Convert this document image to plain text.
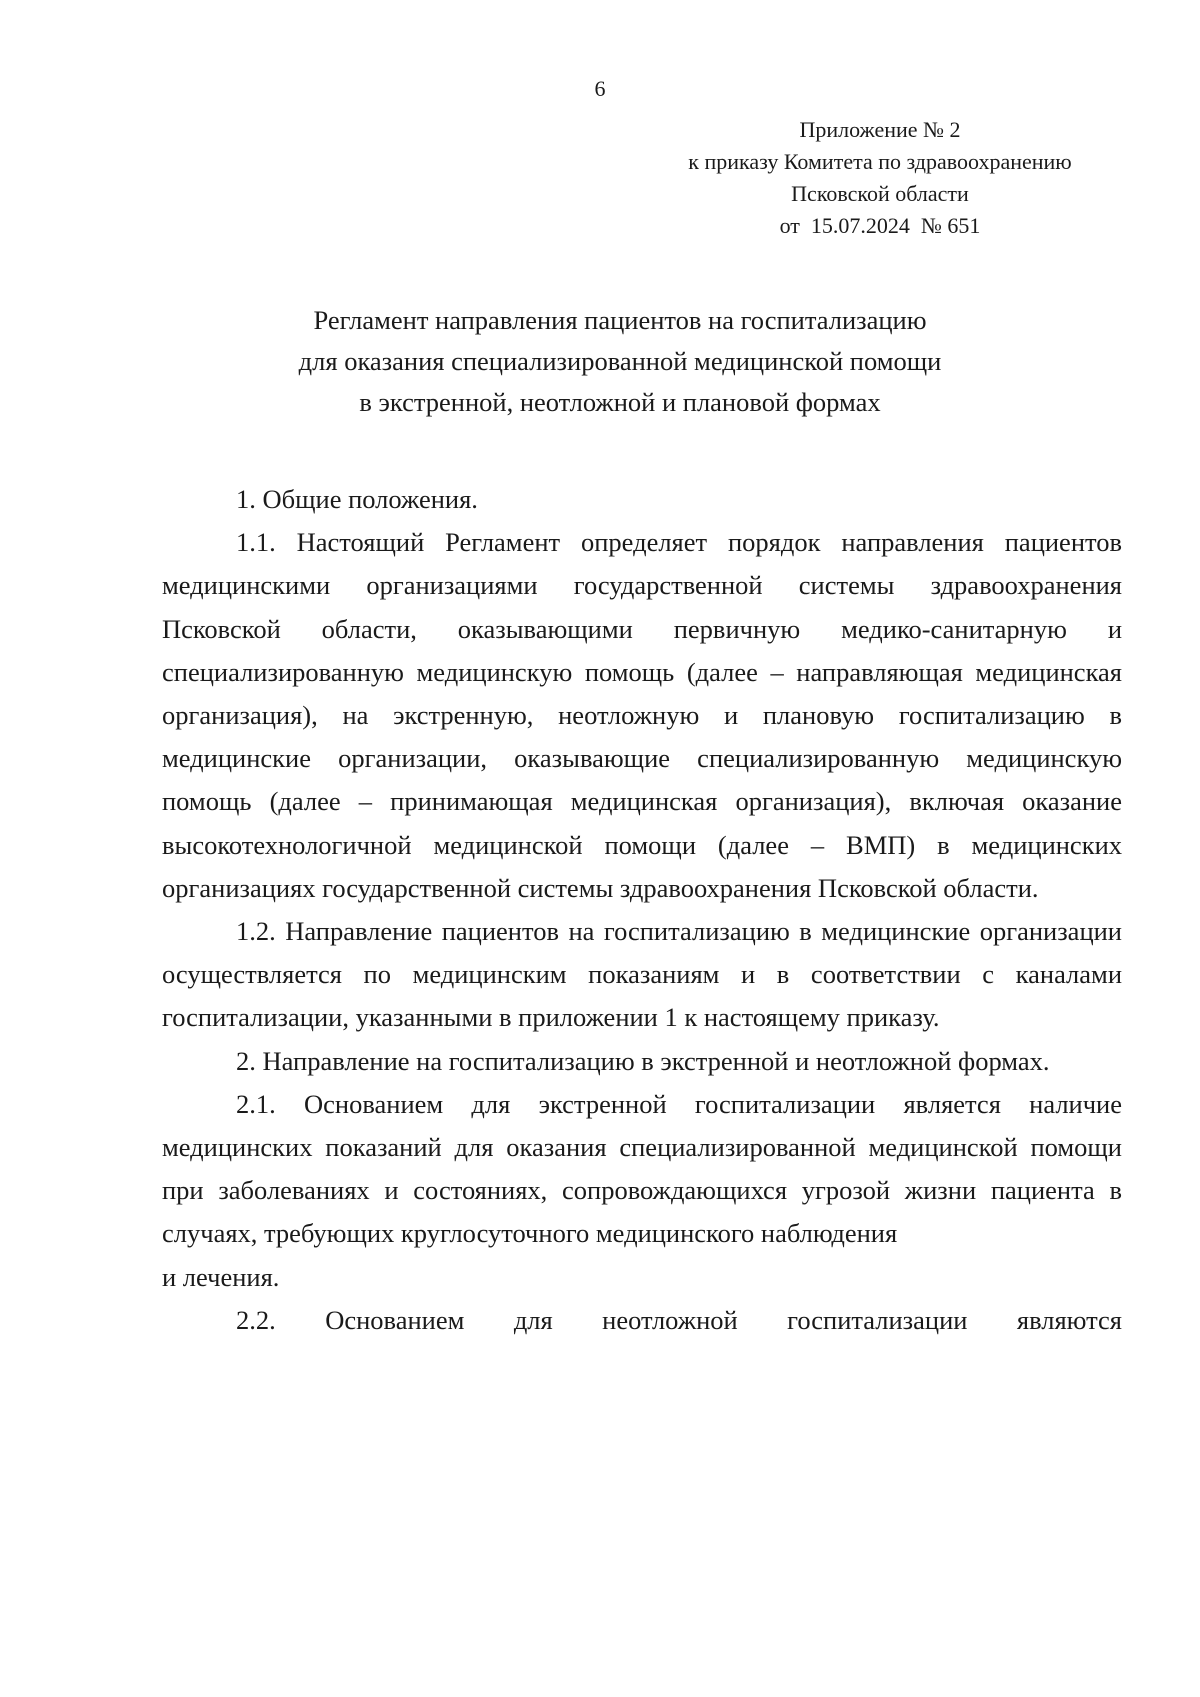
6
Приложение № 2
к приказу Комитета по здравоохранению
Псковской области
от  15.07.2024  № 651
Регламент направления пациентов на госпитализацию
для оказания специализированной медицинской помощи
в экстренной, неотложной и плановой формах

1. Общие положения.

1.1. Настоящий Регламент определяет порядок направления пациентов медицинскими организациями государственной системы здравоохранения Псковской области, оказывающими первичную медико-санитарную и специализированную медицинскую помощь (далее – направляющая медицинская организация), на экстренную, неотложную и плановую госпитализацию в медицинские организации, оказывающие специализированную медицинскую помощь (далее – принимающая медицинская организация), включая оказание высокотехнологичной медицинской помощи (далее – ВМП) в медицинских организациях государственной системы здравоохранения Псковской области.

1.2. Направление пациентов на госпитализацию в медицинские организации осуществляется по медицинским показаниям и в соответствии с каналами госпитализации, указанными в приложении 1 к настоящему приказу.

2. Направление на госпитализацию в экстренной и неотложной формах.

2.1. Основанием для экстренной госпитализации является наличие медицинских показаний для оказания специализированной медицинской помощи при заболеваниях и состояниях, сопровождающихся угрозой жизни пациента в случаях, требующих круглосуточного медицинского наблюдения

и лечения.

2.2. Основанием для неотложной госпитализации являются
